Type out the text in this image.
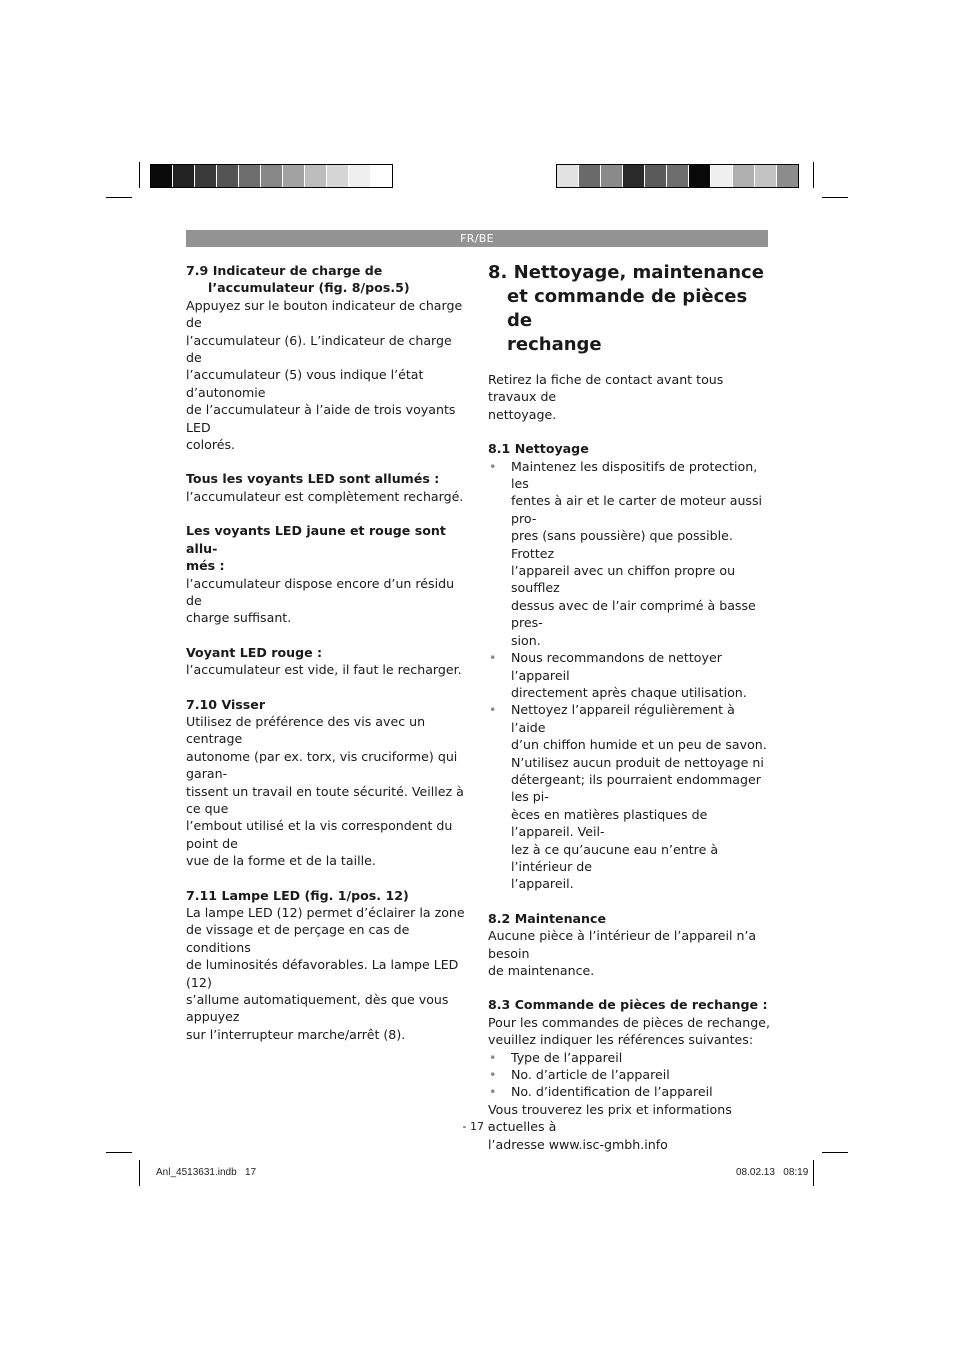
FR/BE

7.9 Indicateur de charge de

l’accumulateur (fig. 8/pos.5)

Appuyez sur le bouton indicateur de charge de

l’accumulateur (6). L’indicateur de charge de

l’accumulateur (5) vous indique l’état d’autonomie

de l’accumulateur à l’aide de trois voyants LED

colorés.

Tous les voyants LED sont allumés :

l’accumulateur est complètement rechargé.

Les voyants LED jaune et rouge sont allu-

més :

l’accumulateur dispose encore d’un résidu de

charge suffisant.

Voyant LED rouge :

l’accumulateur est vide, il faut le recharger.

7.10 Visser

Utilisez de préférence des vis avec un centrage

autonome (par ex. torx, vis cruciforme) qui garan-

tissent un travail en toute sécurité. Veillez à ce que

l’embout utilisé et la vis correspondent du point de

vue de la forme et de la taille.

7.11 Lampe LED (fig. 1/pos. 12)

La lampe LED (12) permet d’éclairer la zone

de vissage et de perçage en cas de conditions

de luminosités défavorables. La lampe LED (12)

s’allume automatiquement, dès que vous appuyez

sur l’interrupteur marche/arrêt (8).

8. Nettoyage, maintenance

et commande de pièces de

rechange

Retirez la fiche de contact avant tous travaux de

nettoyage.

8.1 Nettoyage

• Maintenez les dispositifs de protection, les

fentes à air et le carter de moteur aussi pro-

pres (sans poussière) que possible. Frottez

l’appareil avec un chiffon propre ou soufflez

dessus avec de l’air comprimé à basse pres-

sion.

• Nous recommandons de nettoyer l’appareil

directement après chaque utilisation.

• Nettoyez l’appareil régulièrement à l’aide

d’un chiffon humide et un peu de savon.

N’utilisez aucun produit de nettoyage ni

détergeant; ils pourraient endommager les pi-

èces en matières plastiques de l’appareil. Veil-

lez à ce qu’aucune eau n’entre à l’intérieur de

l’appareil.

8.2 Maintenance

Aucune pièce à l’intérieur de l’appareil n’a besoin

de maintenance.

8.3 Commande de pièces de rechange :

Pour les commandes de pièces de rechange,

veuillez indiquer les références suivantes:

• Type de l’appareil

• No. d’article de l’appareil

• No. d’identification de l’appareil

Vous trouverez les prix et informations actuelles à

l’adresse www.isc-gmbh.info

- 17 -
Anl_4513631.indb   17	08.02.13   08:19
